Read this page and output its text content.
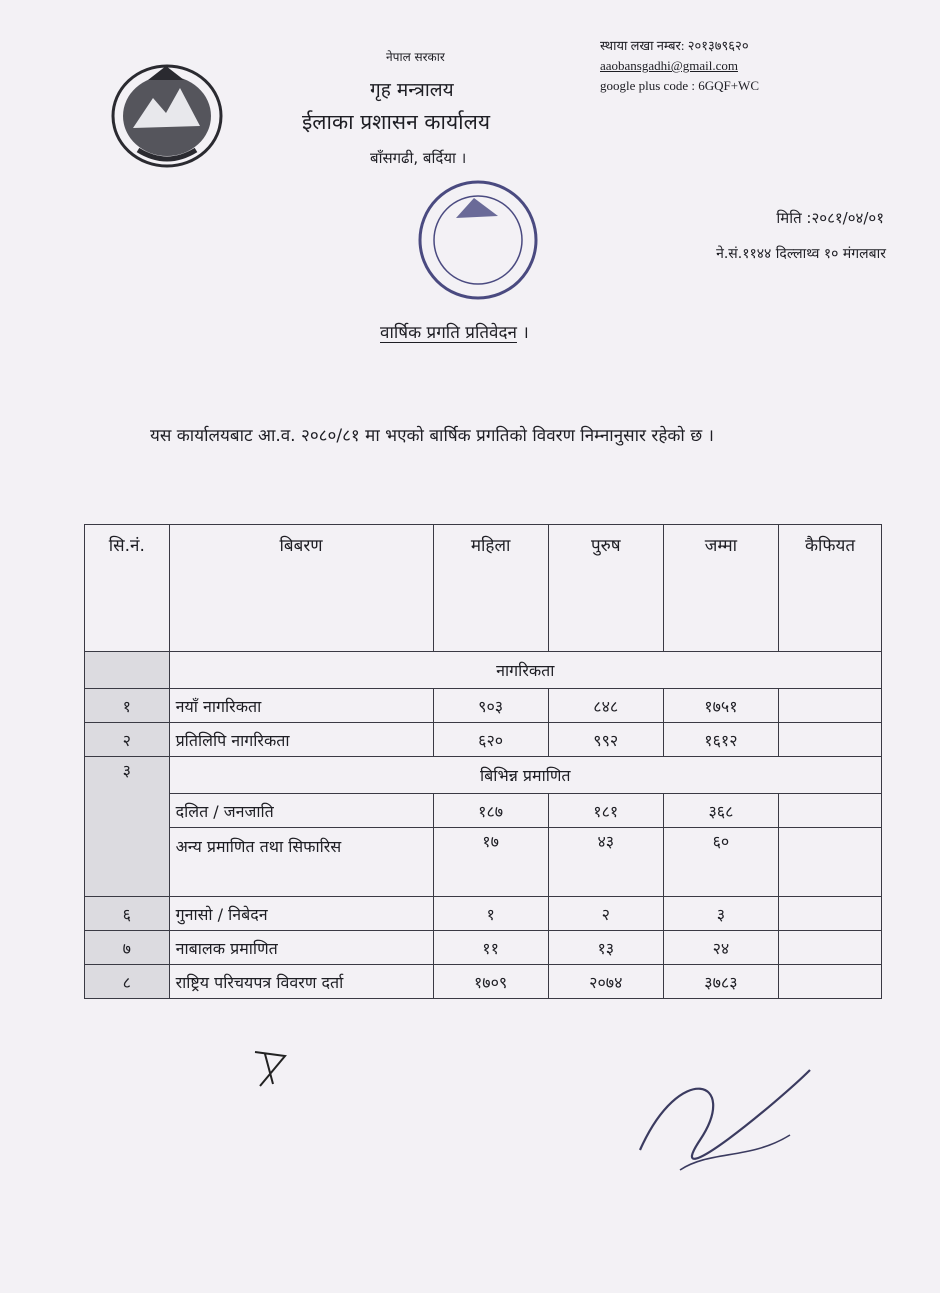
नेपाल सरकार
गृह मन्त्रालय
ईलाका प्रशासन कार्यालय
बाँसगढी, बर्दिया ।
स्थाया लखा नम्बर: २०१३७९६२०
aaobansgadhi@gmail.com
google plus code : 6GQF+WC
मिति :२०८१/०४/०१
ने.सं.११४४ दिल्लाथ्व १० मंगलबार
वार्षिक प्रगति प्रतिवेदन ।
यस कार्यालयबाट आ.व. २०८०/८१ मा भएको बार्षिक प्रगतिको विवरण निम्नानुसार रहेको छ ।
सि.नं.	बिबरण	महिला	पुरुष	जम्मा	कैफियत
	नागरिकता				
१	नयाँ नागरिकता	९०३	८४८	१७५१	
२	प्रतिलिपि नागरिकता	६२०	९९२	१६१२	
३	बिभिन्न प्रमाणित				
	दलित / जनजाति	१८७	१८१	३६८	
	अन्य प्रमाणित तथा सिफारिस	१७	४३	६०	
६	गुनासो / निबेदन	१	२	३	
७	नाबालक प्रमाणित	११	१३	२४	
८	राष्ट्रिय परिचयपत्र विवरण दर्ता	१७०९	२०७४	३७८३	
